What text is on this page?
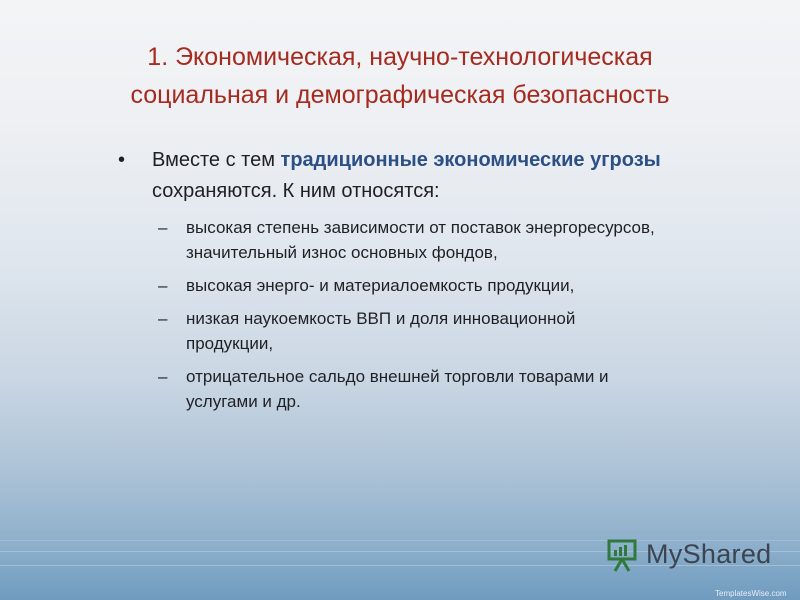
1. Экономическая, научно-технологическая
социальная и демографическая безопасность
• Вместе с тем традиционные экономические угрозы
сохраняются. К ним относятся:
– высокая степень зависимости от поставок энергоресурсов,
значительный износ основных фондов,
– высокая энерго- и материалоемкость продукции,
– низкая наукоемкость ВВП и доля инновационной
продукции,
– отрицательное сальдо внешней торговли товарами и
услугами и др.
MyShared
TemplatesWise.com
